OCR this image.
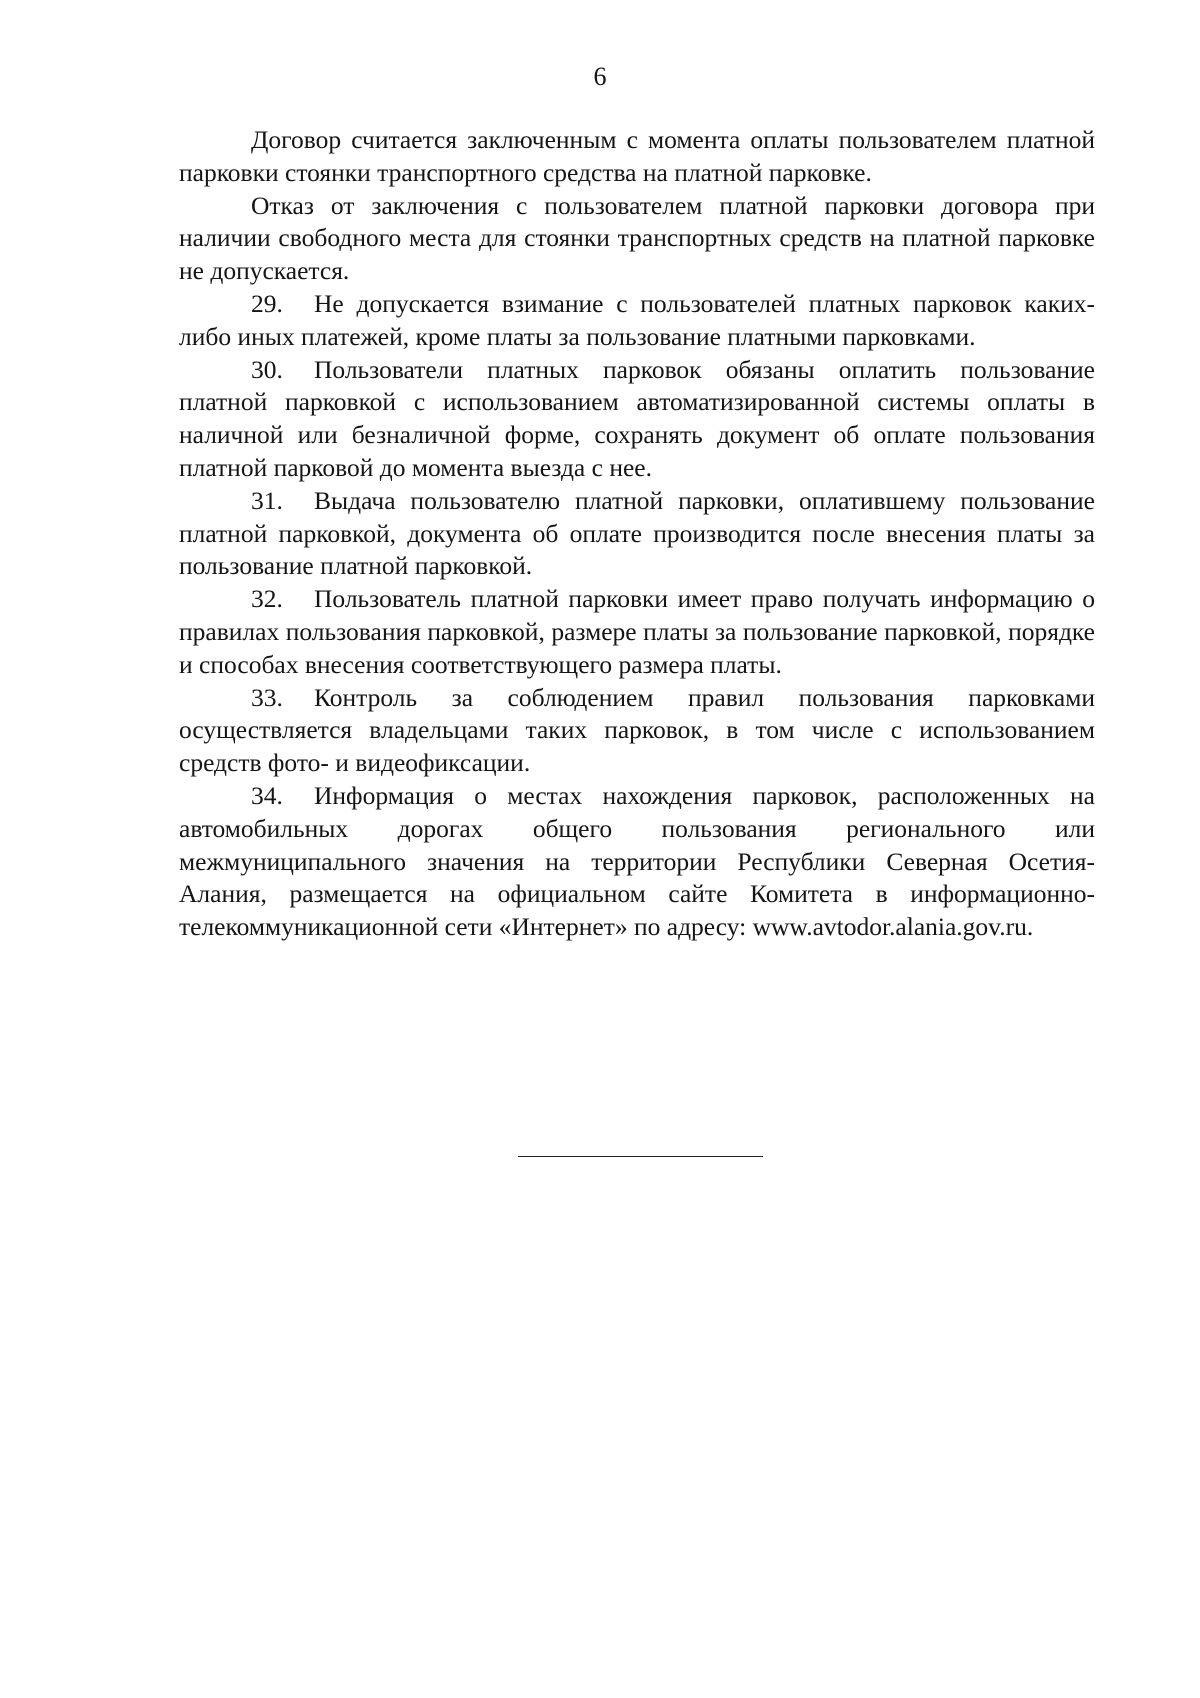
6

Договор считается заключенным с момента оплаты пользователем платной парковки стоянки транспортного средства на платной парковке.

Отказ от заключения с пользователем платной парковки договора при наличии свободного места для стоянки транспортных средств на платной парковке не допускается.

29. Не допускается взимание с пользователей платных парковок каких-либо иных платежей, кроме платы за пользование платными парковками.

30. Пользователи платных парковок обязаны оплатить пользование платной парковкой с использованием автоматизированной системы оплаты в наличной или безналичной форме, сохранять документ об оплате пользования платной парковой до момента выезда с нее.

31. Выдача пользователю платной парковки, оплатившему пользование платной парковкой, документа об оплате производится после внесения платы за пользование платной парковкой.

32. Пользователь платной парковки имеет право получать информацию о правилах пользования парковкой, размере платы за пользование парковкой, порядке и способах внесения соответствующего размера платы.

33. Контроль за соблюдением правил пользования парковками осуществляется владельцами таких парковок, в том числе с использованием средств фото- и видеофиксации.

34. Информация о местах нахождения парковок, расположенных на автомобильных дорогах общего пользования регионального или межмуниципального значения на территории Республики Северная Осетия-Алания, размещается на официальном сайте Комитета в информационно-телекоммуникационной сети «Интернет» по адресу: www.avtodor.alania.gov.ru.
